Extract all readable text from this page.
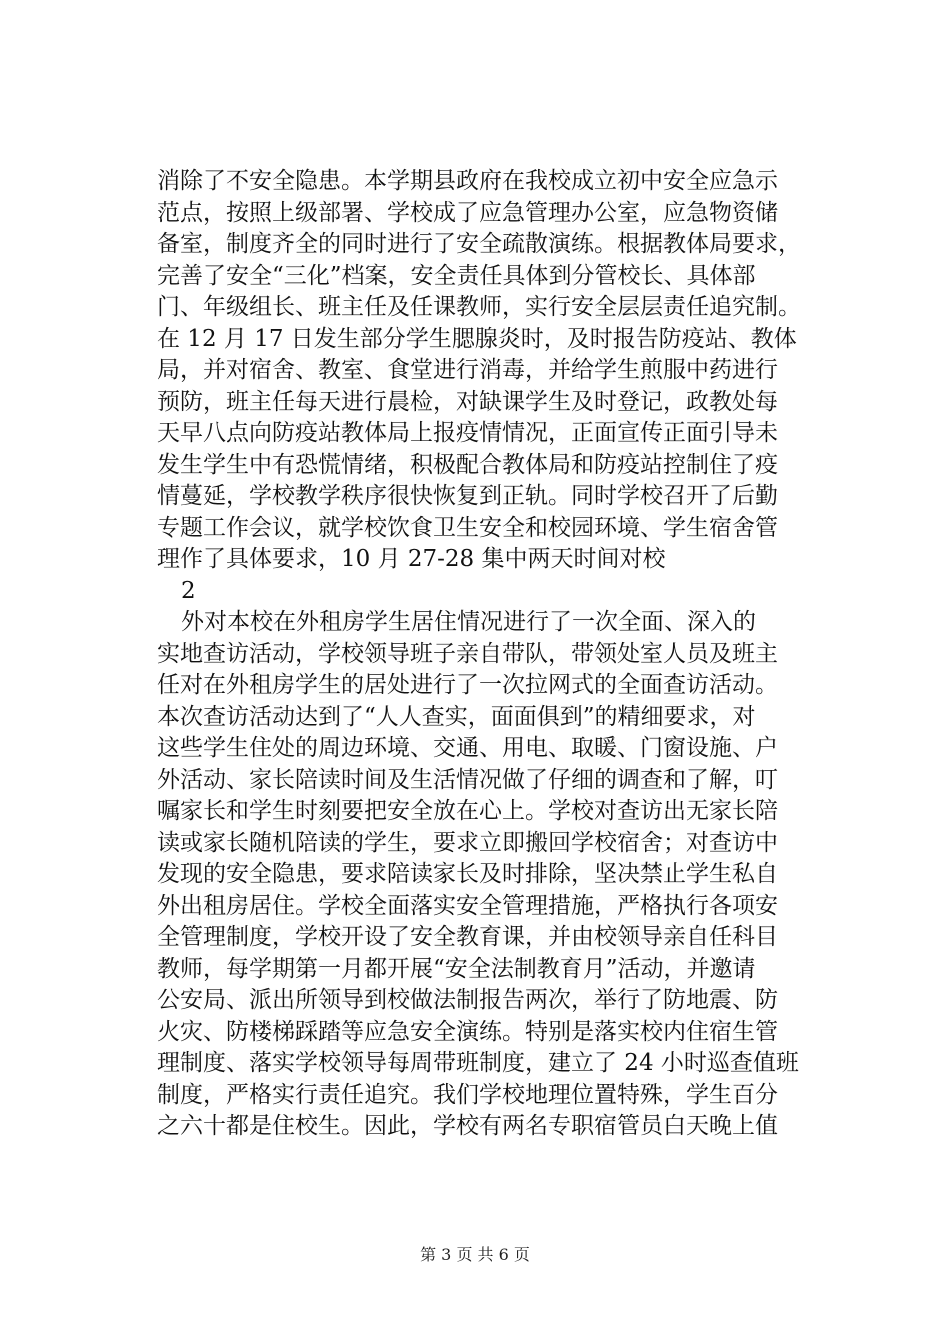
消除了不安全隐患。本学期县政府在我校成立初中安全应急示
范点，按照上级部署、学校成了应急管理办公室，应急物资储
备室，制度齐全的同时进行了安全疏散演练。根据教体局要求，
完善了安全“三化”档案，安全责任具体到分管校长、具体部
门、年级组长、班主任及任课教师，实行安全层层责任追究制。
在 12 月 17 日发生部分学生腮腺炎时，及时报告防疫站、教体
局，并对宿舍、教室、食堂进行消毒，并给学生煎服中药进行
预防，班主任每天进行晨检，对缺课学生及时登记，政教处每
天早八点向防疫站教体局上报疫情情况，正面宣传正面引导未
发生学生中有恐慌情绪，积极配合教体局和防疫站控制住了疫
情蔓延，学校教学秩序很快恢复到正轨。同时学校召开了后勤
专题工作会议，就学校饮食卫生安全和校园环境、学生宿舍管
理作了具体要求，10 月 27-28 集中两天时间对校
2
外对本校在外租房学生居住情况进行了一次全面、深入的
实地查访活动，学校领导班子亲自带队，带领处室人员及班主
任对在外租房学生的居处进行了一次拉网式的全面查访活动。
本次查访活动达到了“人人查实，面面俱到”的精细要求，对
这些学生住处的周边环境、交通、用电、取暖、门窗设施、户
外活动、家长陪读时间及生活情况做了仔细的调查和了解，叮
嘱家长和学生时刻要把安全放在心上。学校对查访出无家长陪
读或家长随机陪读的学生，要求立即搬回学校宿舍；对查访中
发现的安全隐患，要求陪读家长及时排除，坚决禁止学生私自
外出租房居住。学校全面落实安全管理措施，严格执行各项安
全管理制度，学校开设了安全教育课，并由校领导亲自任科目
教师，每学期第一月都开展“安全法制教育月”活动，并邀请
公安局、派出所领导到校做法制报告两次，举行了防地震、防
火灾、防楼梯踩踏等应急安全演练。特别是落实校内住宿生管
理制度、落实学校领导每周带班制度，建立了 24 小时巡查值班
制度，严格实行责任追究。我们学校地理位置特殊，学生百分
之六十都是住校生。因此，学校有两名专职宿管员白天晚上值
第 3 页 共 6 页
